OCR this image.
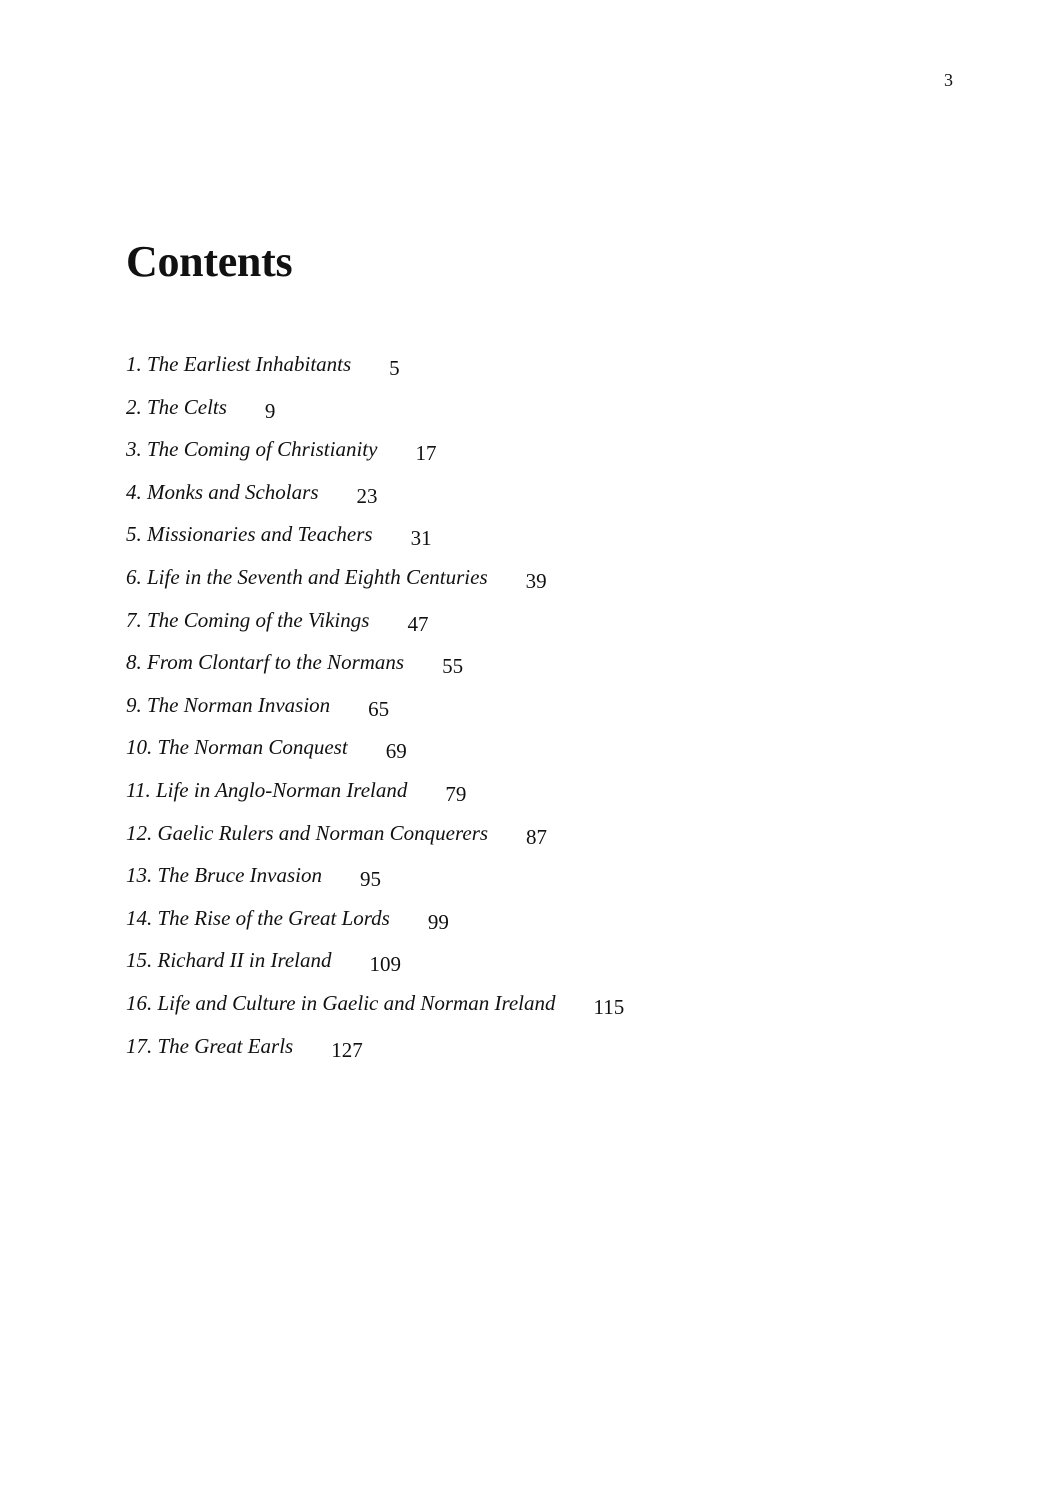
3
Contents
1. The Earliest Inhabitants 5
2. The Celts 9
3. The Coming of Christianity 17
4. Monks and Scholars 23
5. Missionaries and Teachers 31
6. Life in the Seventh and Eighth Centuries 39
7. The Coming of the Vikings 47
8. From Clontarf to the Normans 55
9. The Norman Invasion 65
10. The Norman Conquest 69
11. Life in Anglo-Norman Ireland 79
12. Gaelic Rulers and Norman Conquerers 87
13. The Bruce Invasion 95
14. The Rise of the Great Lords 99
15. Richard II in Ireland 109
16. Life and Culture in Gaelic and Norman Ireland 115
17. The Great Earls 127
